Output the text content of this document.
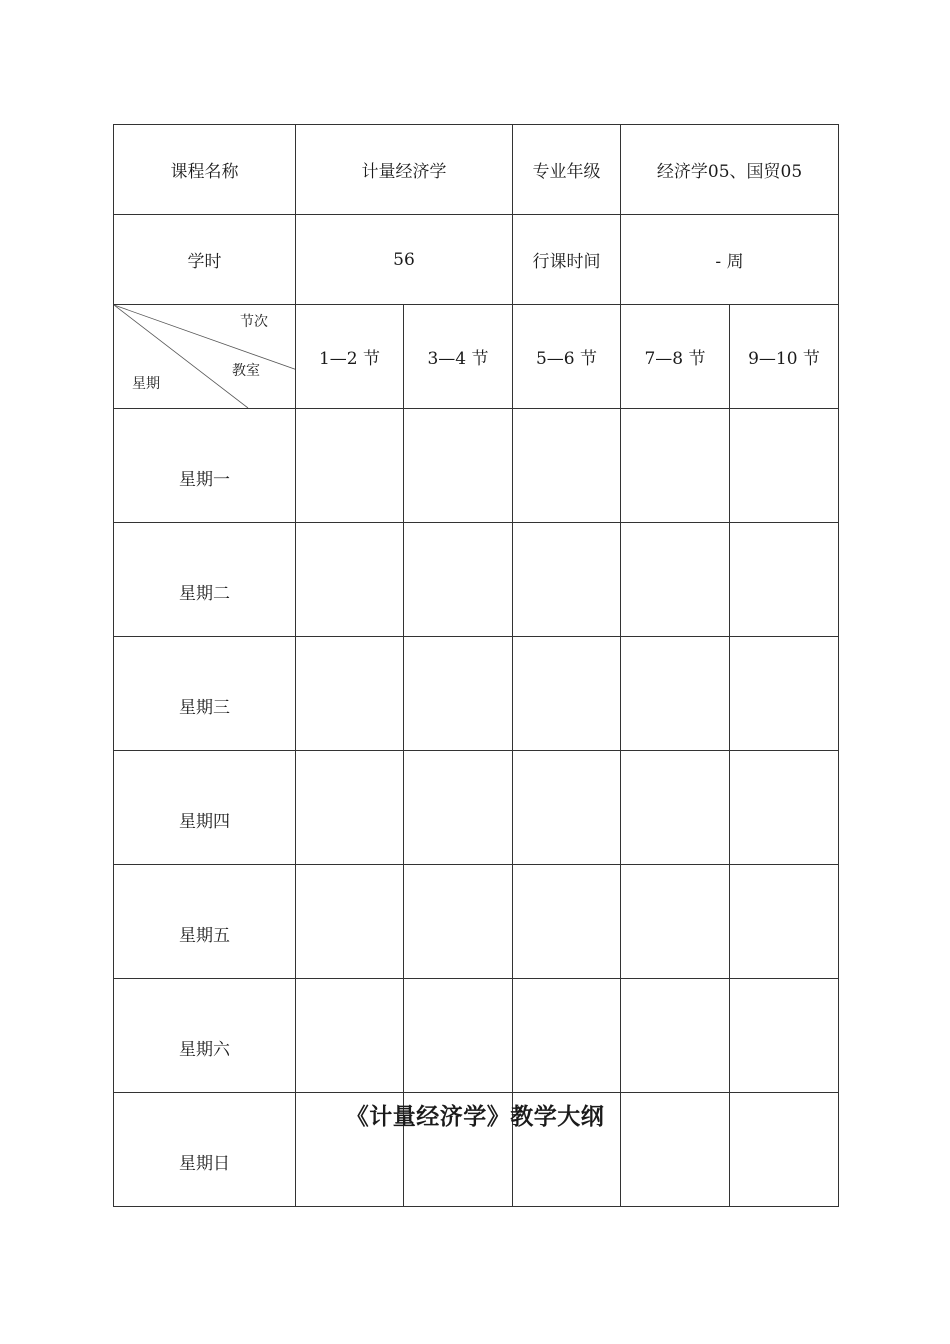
课程名称	计量经济学		专业年级	经济学05、国贸05	
学时	56		行课时间	- 周	

节次
教室
星期	1—2 节	3—4 节	5—6 节	7—8 节	9—10 节
星期一					
星期二					
星期三					
星期四					
星期五					
星期六					
星期日					
《计量经济学》教学大纲
